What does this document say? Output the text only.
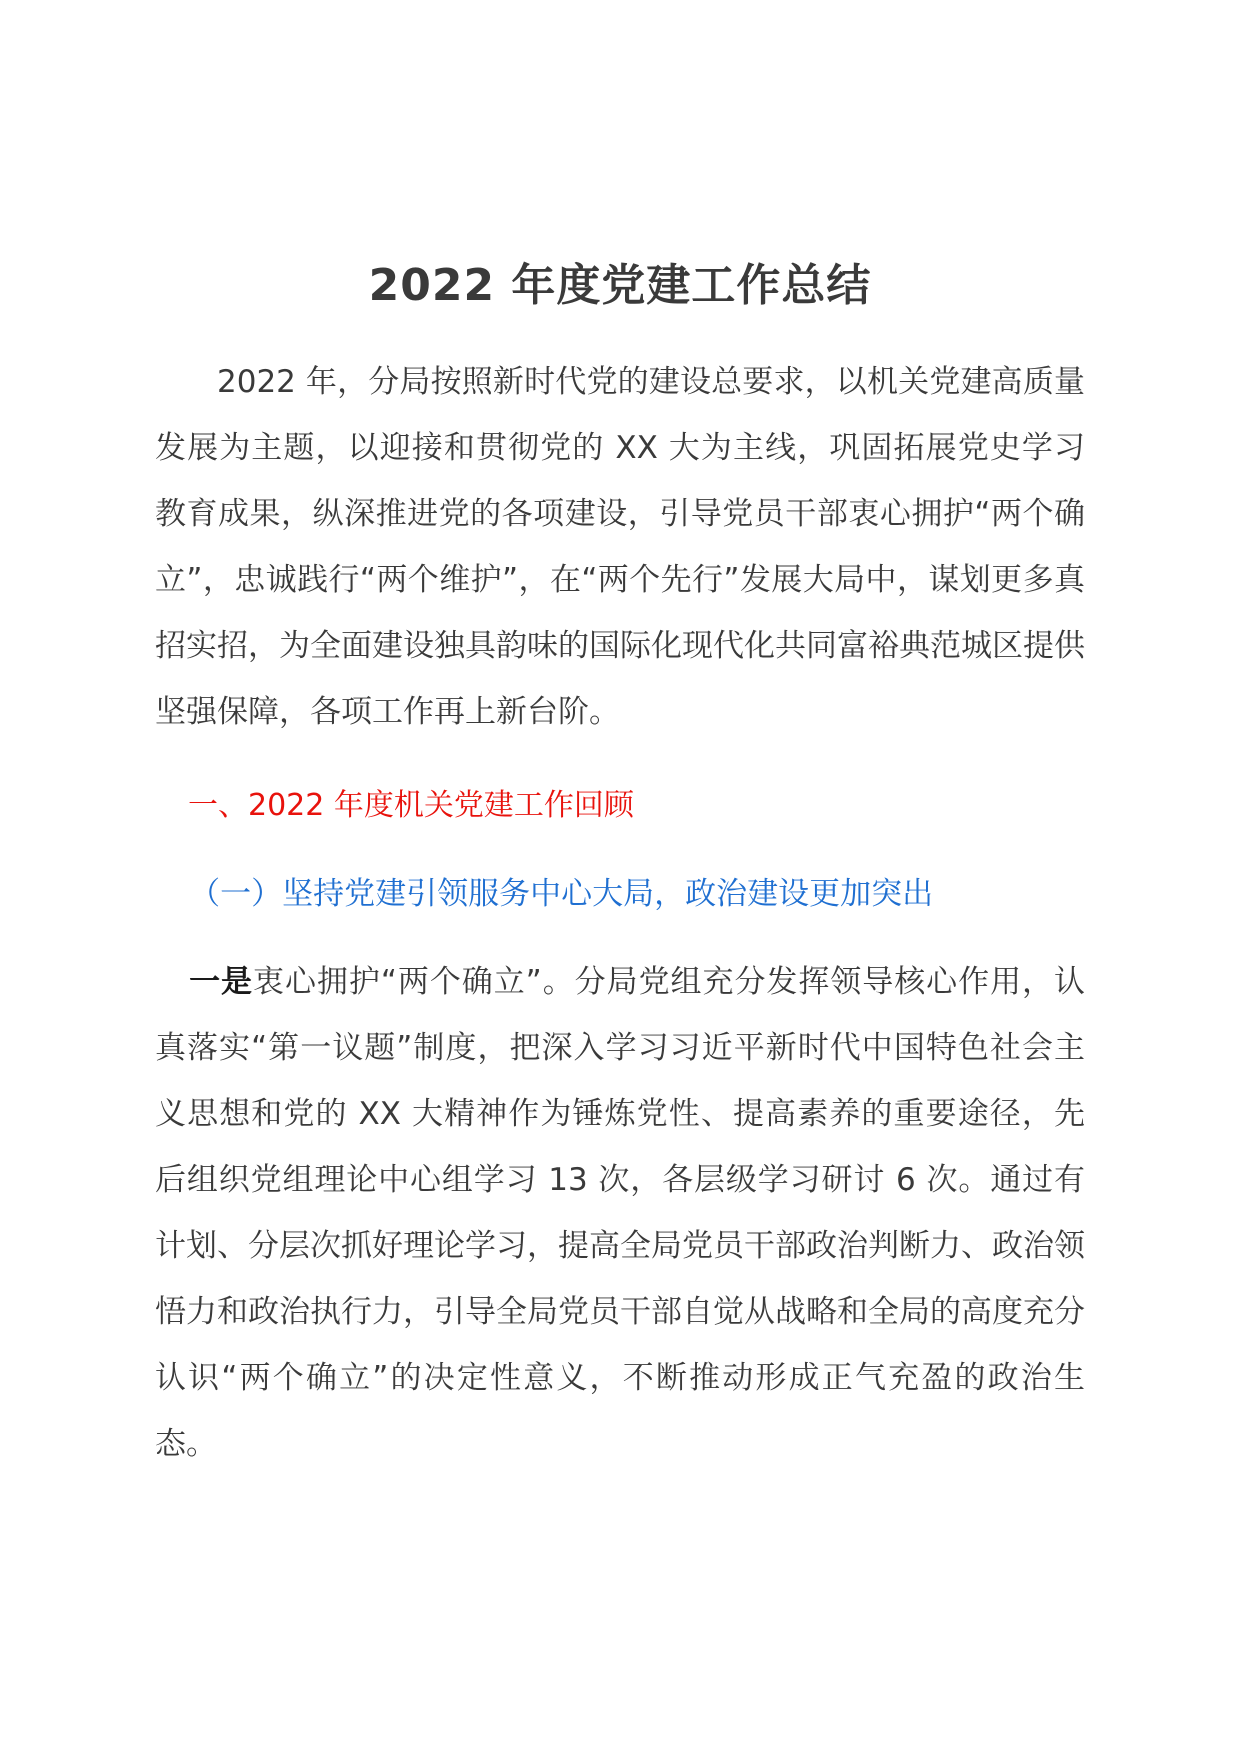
2022 年度党建工作总结

2022 年，分局按照新时代党的建设总要求，以机关党建高质量发展为主题，以迎接和贯彻党的 XX 大为主线，巩固拓展党史学习教育成果，纵深推进党的各项建设，引导党员干部衷心拥护“两个确立”，忠诚践行“两个维护”，在“两个先行”发展大局中，谋划更多真招实招，为全面建设独具韵味的国际化现代化共同富裕典范城区提供坚强保障，各项工作再上新台阶。

一、2022 年度机关党建工作回顾

（一）坚持党建引领服务中心大局，政治建设更加突出

一是衷心拥护“两个确立”。分局党组充分发挥领导核心作用，认真落实“第一议题”制度，把深入学习习近平新时代中国特色社会主义思想和党的 XX 大精神作为锤炼党性、提高素养的重要途径，先后组织党组理论中心组学习 13 次，各层级学习研讨 6 次。通过有计划、分层次抓好理论学习，提高全局党员干部政治判断力、政治领悟力和政治执行力，引导全局党员干部自觉从战略和全局的高度充分认识“两个确立”的决定性意义，不断推动形成正气充盈的政治生态。
